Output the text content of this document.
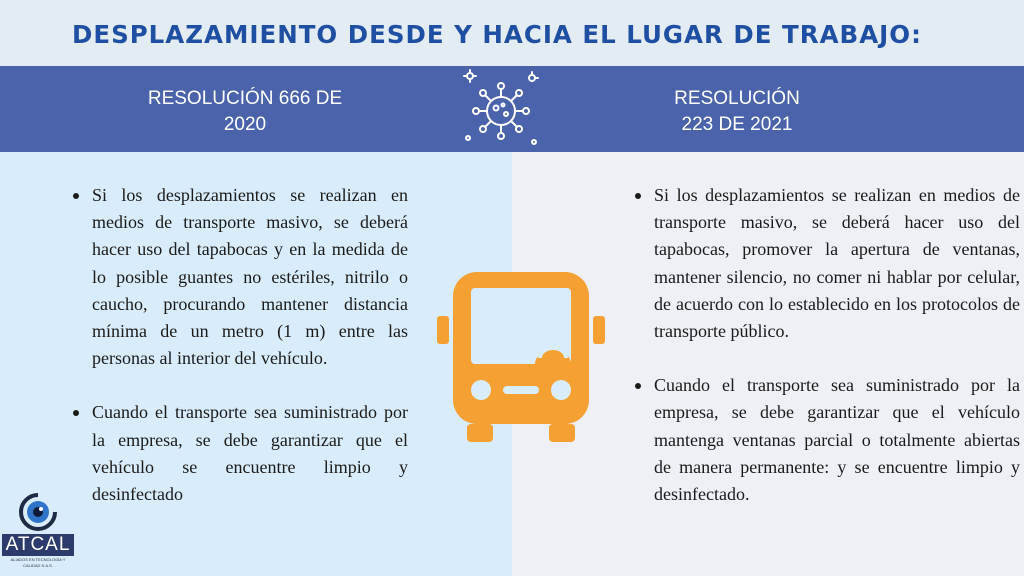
DESPLAZAMIENTO DESDE Y HACIA EL LUGAR DE TRABAJO:
RESOLUCIÓN 666 DE
2020
RESOLUCIÓN
223 DE 2021
Si los desplazamientos se realizan en medios de transporte masivo, se deberá hacer uso del tapabocas y en la medida de lo posible guantes no estériles, nitrilo o caucho, procurando mantener distancia mínima de un metro (1 m) entre las personas al interior del vehículo.
Cuando el transporte sea suministrado por la empresa, se debe garantizar que el vehículo se encuentre limpio y desinfectado
Si los desplazamientos se realizan en medios de transporte masivo, se deberá hacer uso del tapabocas, promover la apertura de ventanas, mantener silencio, no comer ni hablar por celular, de acuerdo con lo establecido en los protocolos de transporte público.
Cuando el transporte sea suministrado por la empresa, se debe garantizar que el vehículo mantenga ventanas parcial o totalmente abiertas de manera permanente: y se encuentre limpio y desinfectado.
ATCAL
ALIADOS EN TECNOLOGÍA Y CALIDAD S.A.S.
